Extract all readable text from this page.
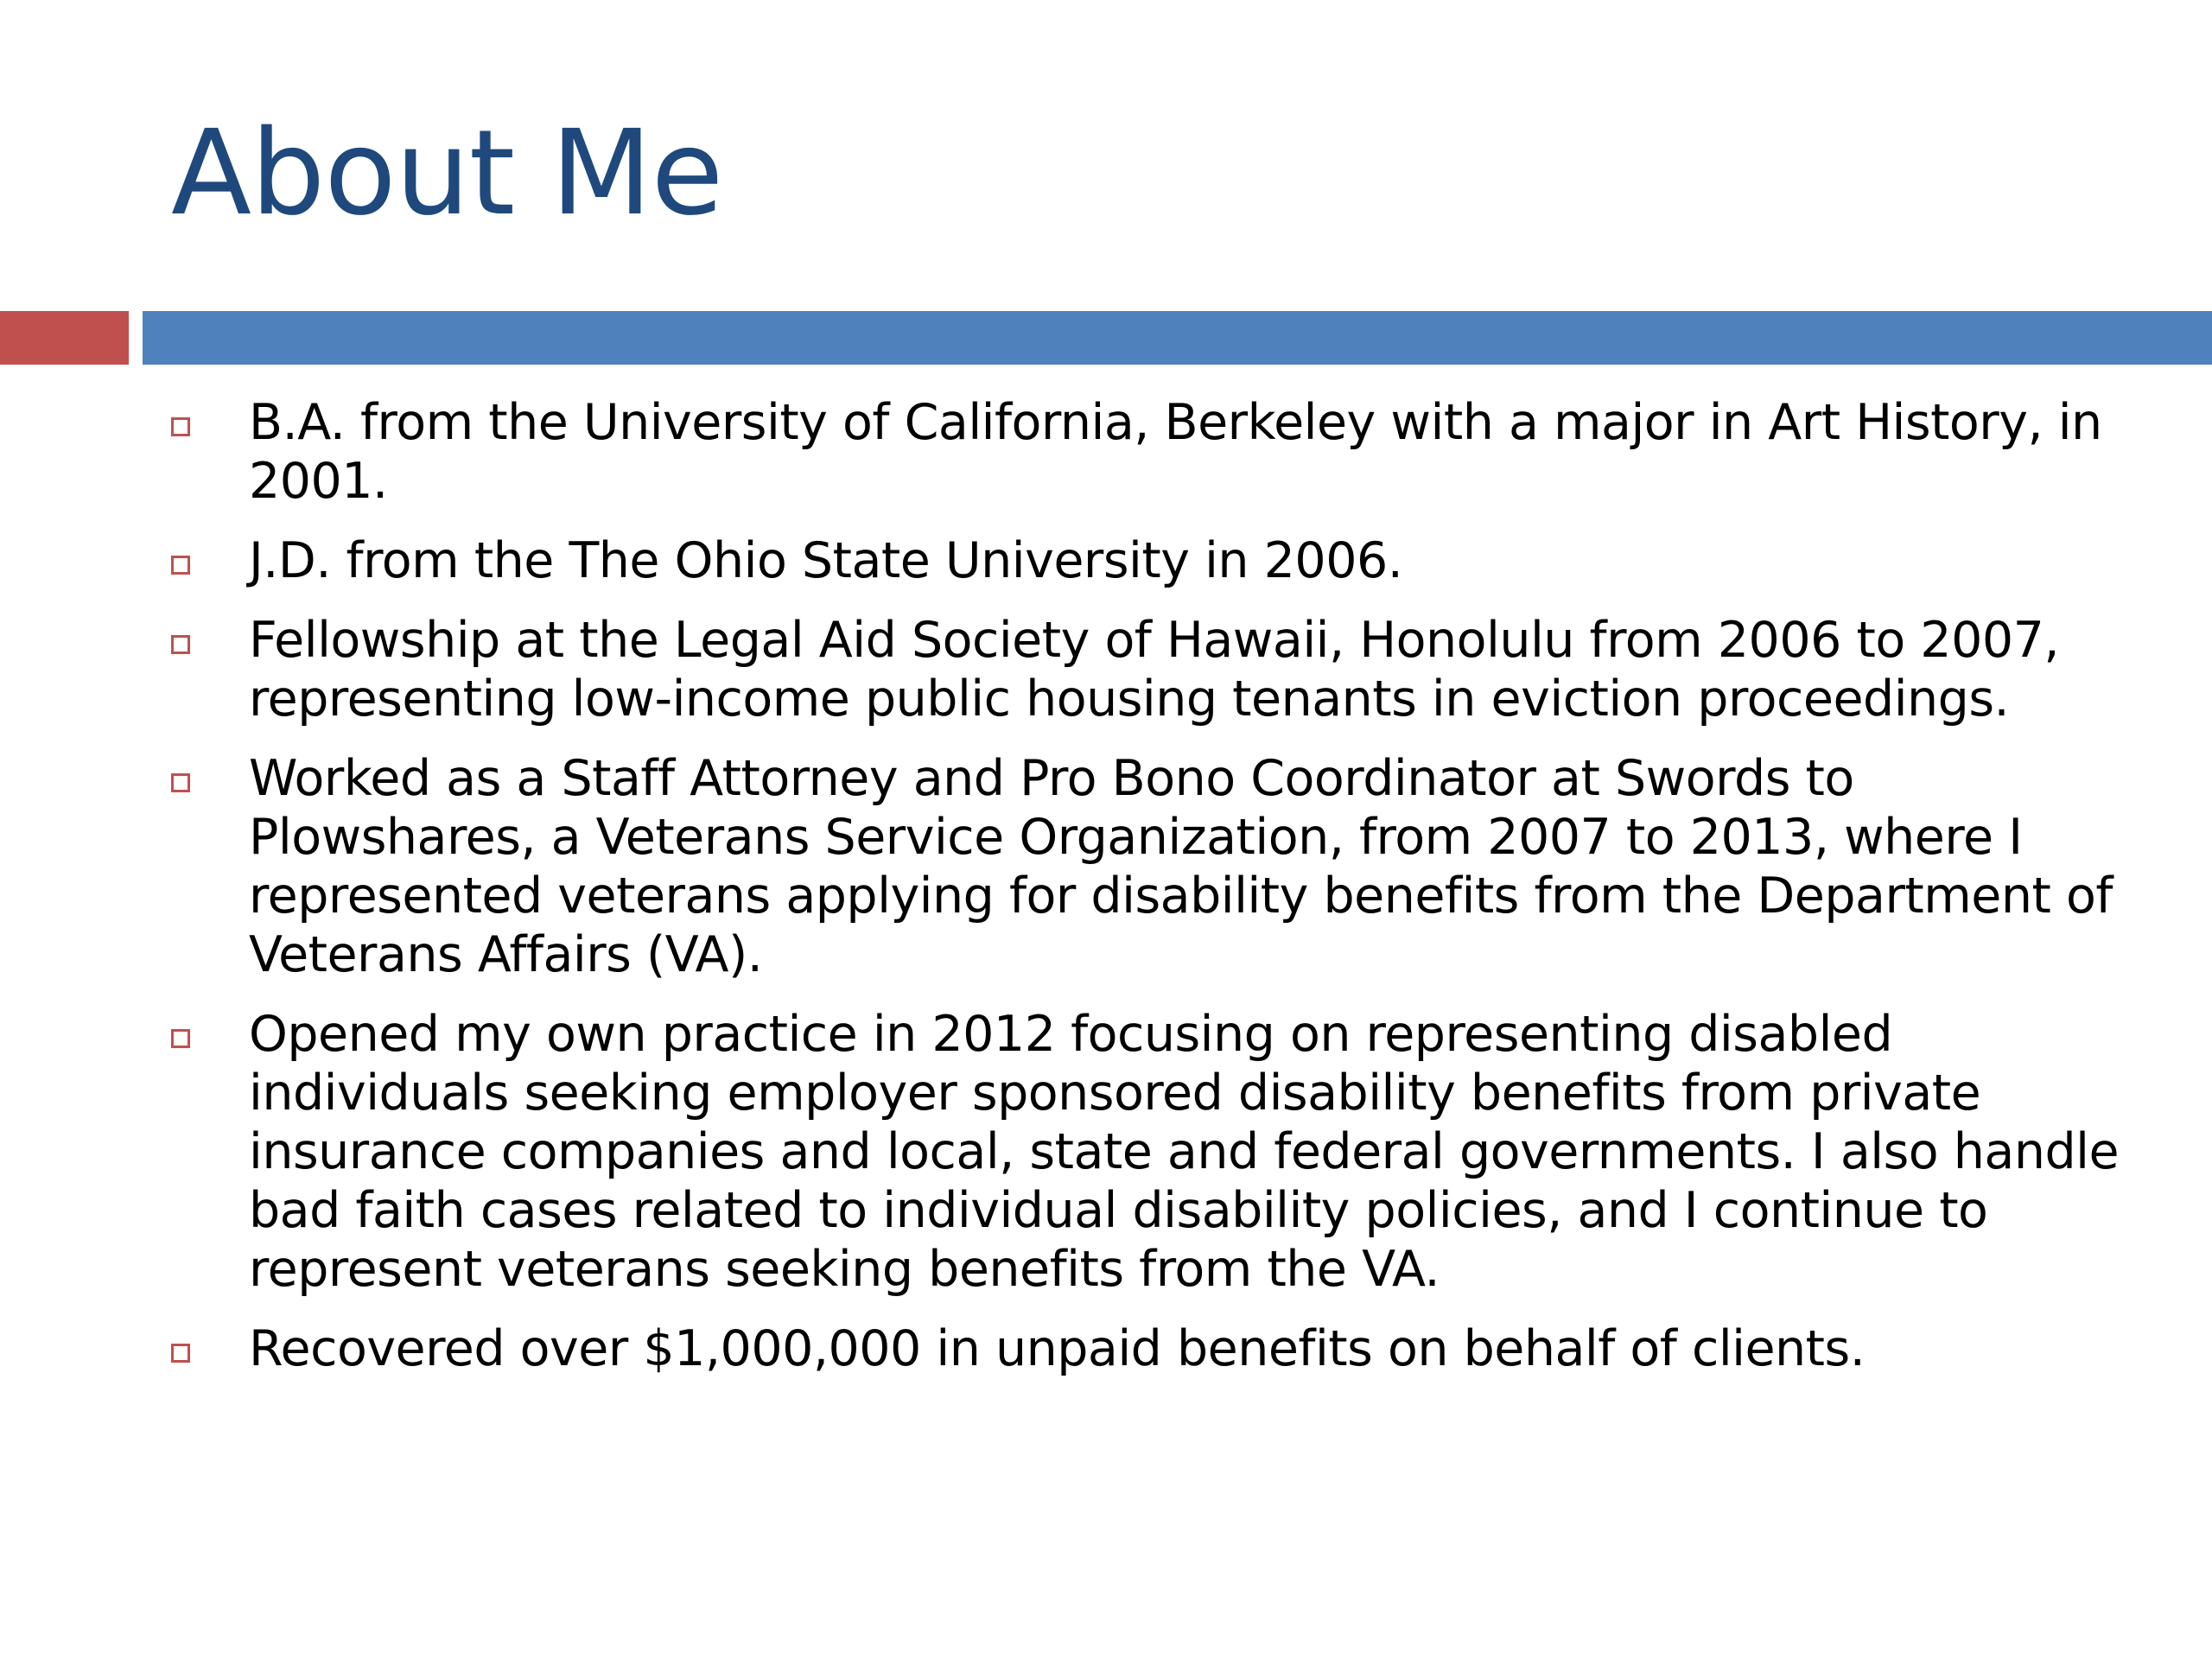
About Me
B.A. from the University of California, Berkeley with a major in Art History, in 2001.
J.D. from the The Ohio State University in 2006.
Fellowship at the Legal Aid Society of Hawaii, Honolulu from 2006 to 2007, representing low-income public housing tenants in eviction proceedings.
Worked as a Staff Attorney and Pro Bono Coordinator at Swords to Plowshares, a Veterans Service Organization, from 2007 to 2013, where I represented veterans applying for disability benefits from the Department of Veterans Affairs (VA).
Opened my own practice in 2012 focusing on representing disabled individuals seeking employer sponsored disability benefits from private insurance companies and local, state and federal governments. I also handle bad faith cases related to individual disability policies, and I continue to represent veterans seeking benefits from the VA.
Recovered over $1,000,000 in unpaid benefits on behalf of clients.
